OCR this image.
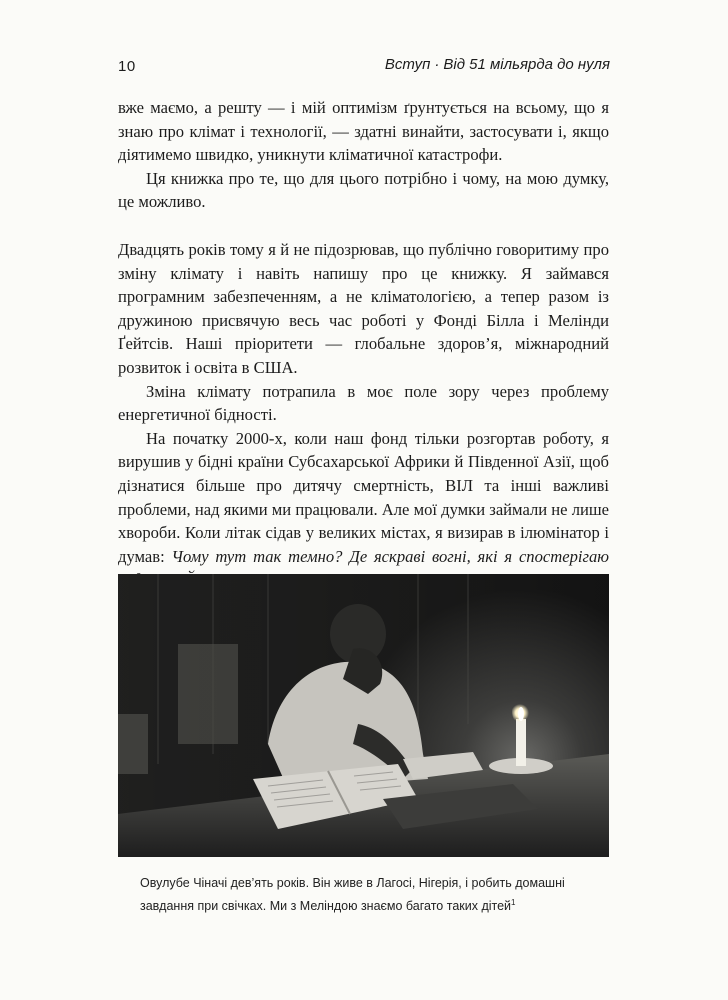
10	Вступ · Від 51 мільярда до нуля

вже маємо, а решту — і мій оптимізм ґрунтується на всьому, що я знаю про клімат і технології, — здатні винайти, застосувати і, якщо діятимемо швидко, уникнути кліматичної катастрофи.

Ця книжка про те, що для цього потрібно і чому, на мою думку, це можливо.

Двадцять років тому я й не підозрював, що публічно говоритиму про зміну клімату і навіть напишу про це книжку. Я займався програмним забезпеченням, а не кліматологією, а тепер разом із дружиною присвячую весь час роботі у Фонді Білла і Мелінди Ґейтсів. Наші пріоритети — глобальне здоров’я, міжнародний розвиток і освіта в США.

Зміна клімату потрапила в моє поле зору через проблему енергетичної бідності.

На початку 2000-х, коли наш фонд тільки розгортав роботу, я вирушив у бідні країни Субсахарської Африки й Південної Азії, щоб дізнатися більше про дитячу смертність, ВІЛ та інші важливі проблеми, над якими ми працювали. Але мої думки займали не лише хвороби. Коли літак сідав у великих містах, я визирав в ілюмінатор і думав: Чому тут так темно? Де яскраві вогні, які я спостерігаю

Овулубе Чіначі дев’ять років. Він живе в Лагосі, Нігерія, і робить домашні завдання при свічках. Ми з Меліндою знаємо багато таких дітей$^1$
